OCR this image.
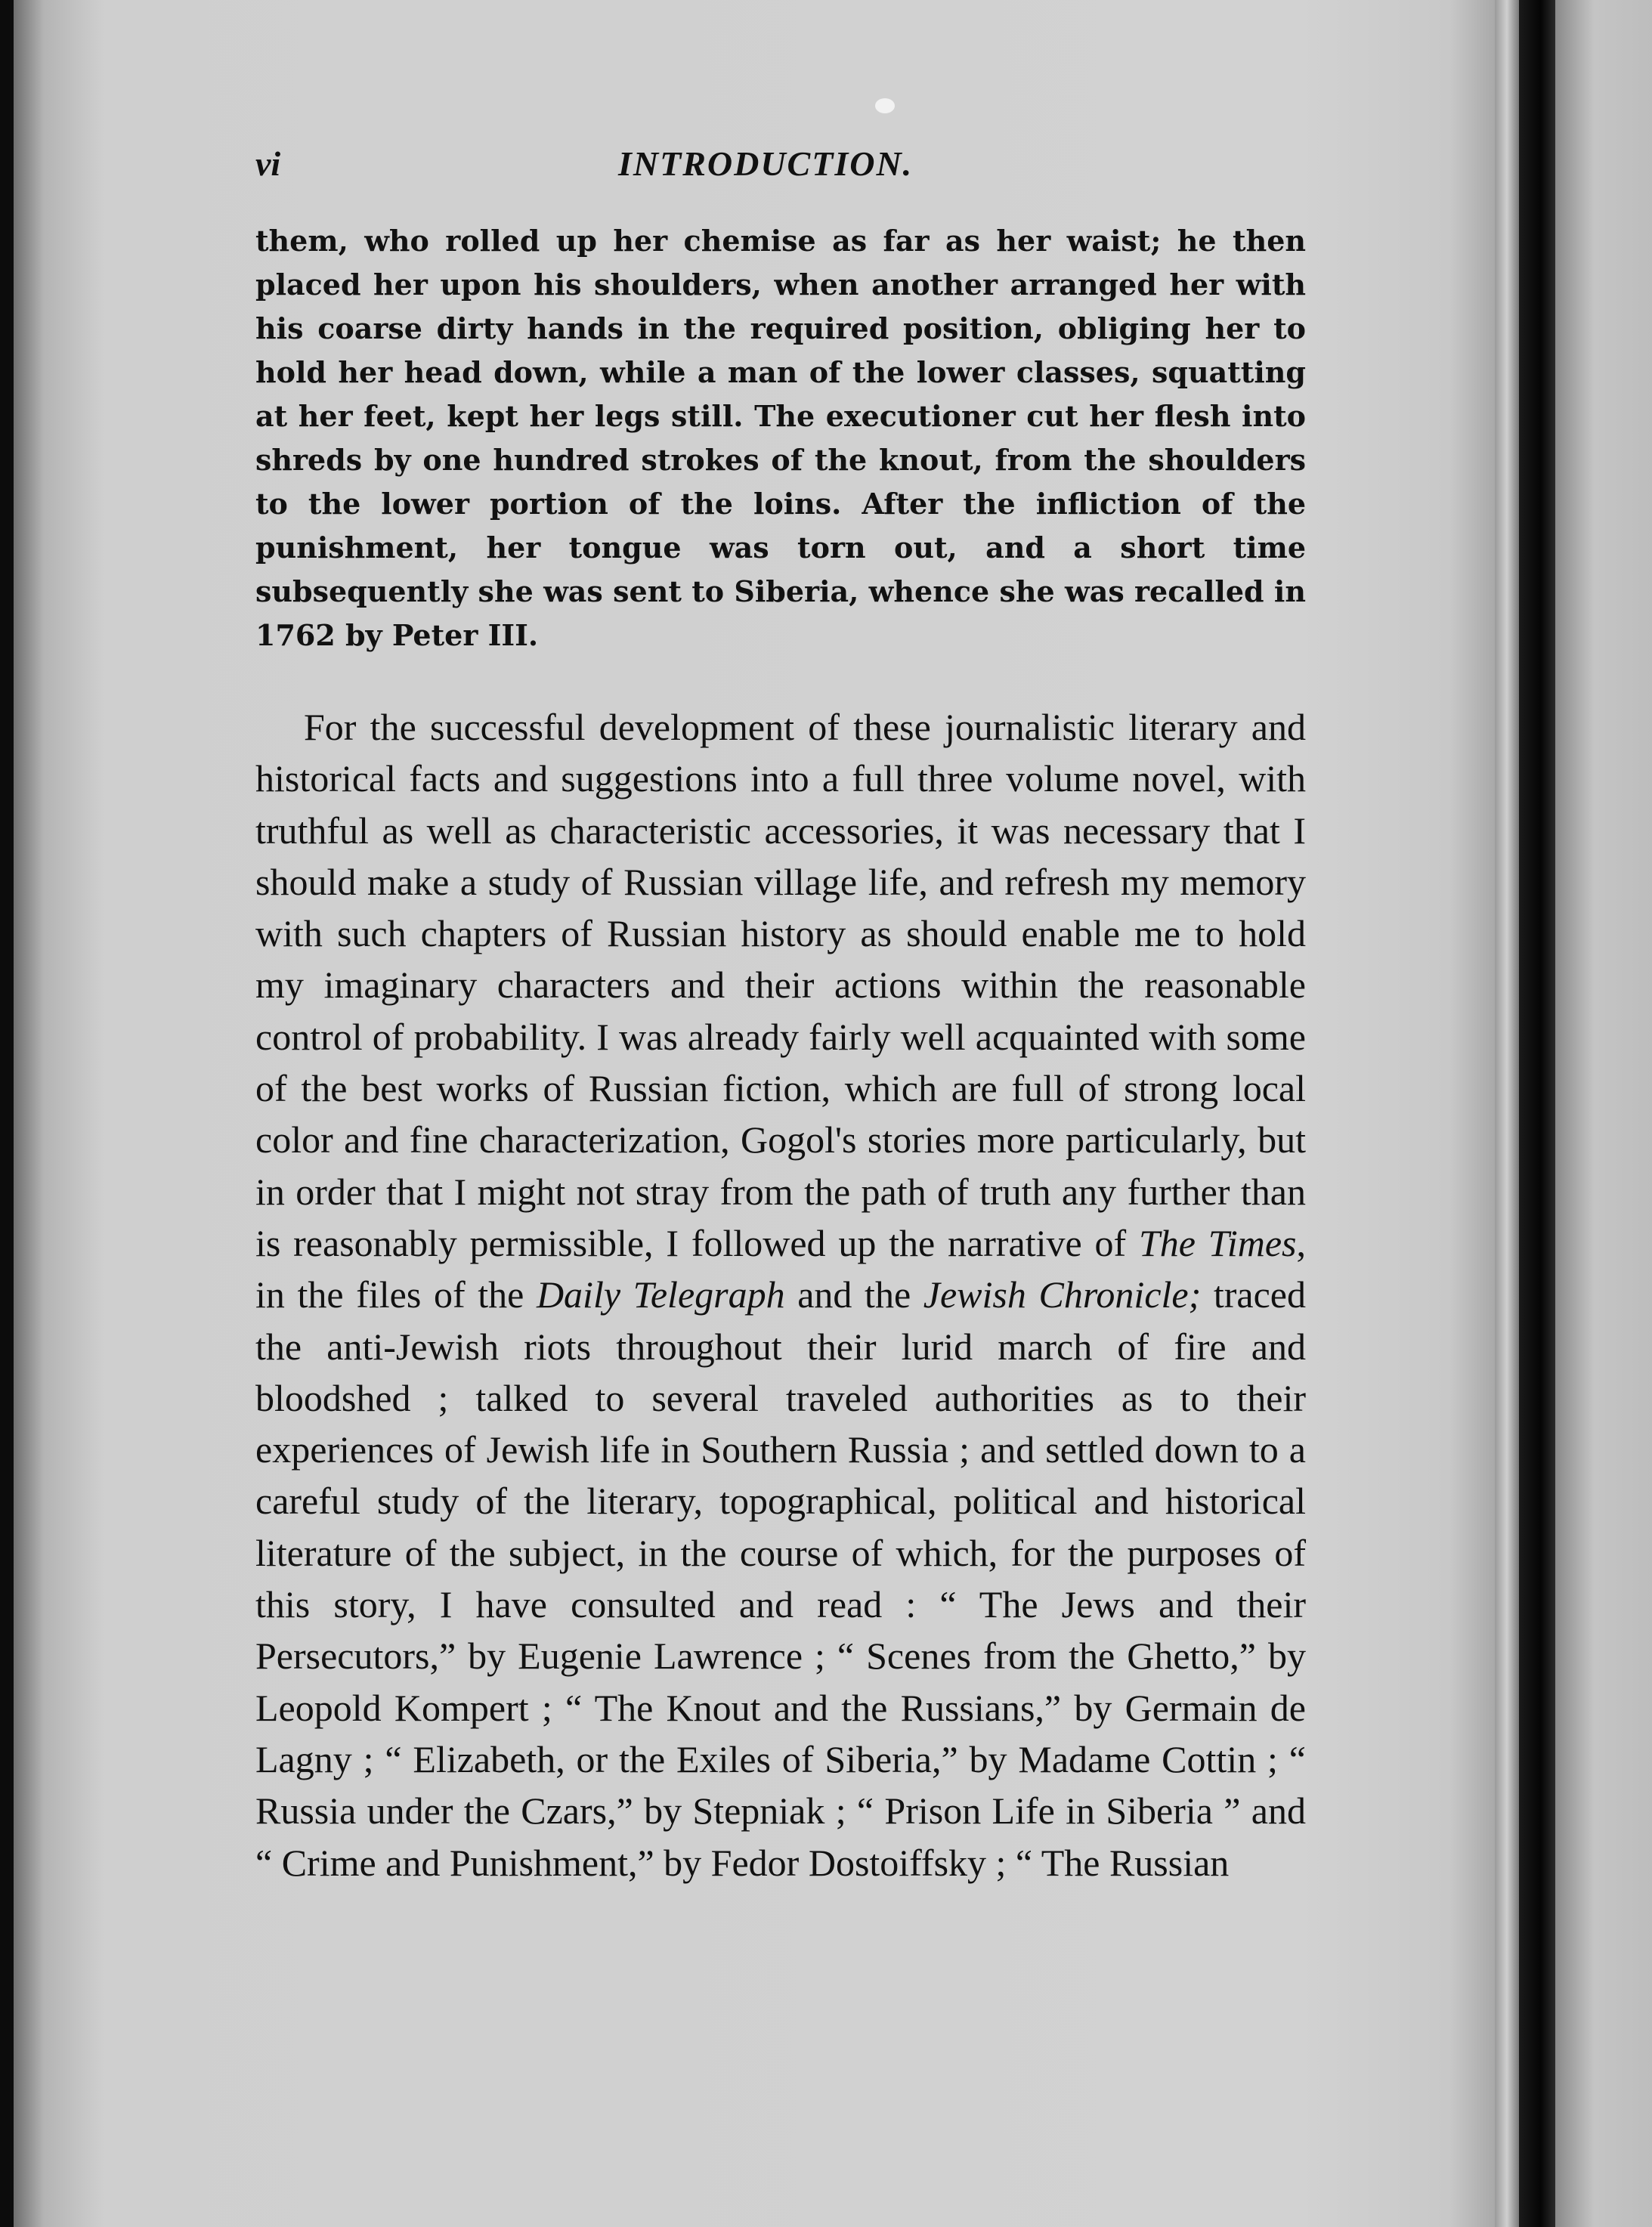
vi	INTRODUCTION.

them, who rolled up her chemise as far as her waist; he then placed her upon his shoulders, when another arranged her with his coarse dirty hands in the required position, obliging her to hold her head down, while a man of the lower classes, squatting at her feet, kept her legs still. The executioner cut her flesh into shreds by one hundred strokes of the knout, from the shoulders to the lower portion of the loins. After the infliction of the punishment, her tongue was torn out, and a short time subsequently she was sent to Siberia, whence she was recalled in 1762 by Peter III.

For the successful development of these journalistic literary and historical facts and suggestions into a full three volume novel, with truthful as well as characteristic accessories, it was necessary that I should make a study of Russian village life, and refresh my memory with such chapters of Russian history as should enable me to hold my imaginary characters and their actions within the reasonable control of probability. I was already fairly well acquainted with some of the best works of Russian fiction, which are full of strong local color and fine characterization, Gogol's stories more particularly, but in order that I might not stray from the path of truth any further than is reasonably permissible, I followed up the narrative of The Times, in the files of the Daily Telegraph and the Jewish Chronicle; traced the anti-Jewish riots throughout their lurid march of fire and bloodshed ; talked to several traveled authorities as to their experiences of Jewish life in Southern Russia ; and settled down to a careful study of the literary, topographical, political and historical literature of the subject, in the course of which, for the purposes of this story, I have consulted and read : “ The Jews and their Persecutors,” by Eugenie Lawrence ; “ Scenes from the Ghetto,” by Leopold Kompert ; “ The Knout and the Russians,” by Germain de Lagny ; “ Elizabeth, or the Exiles of Siberia,” by Madame Cottin ; “ Russia under the Czars,” by Stepniak ; “ Prison Life in Siberia ” and “ Crime and Punishment,” by Fedor Dostoiffsky ; “ The Russian
